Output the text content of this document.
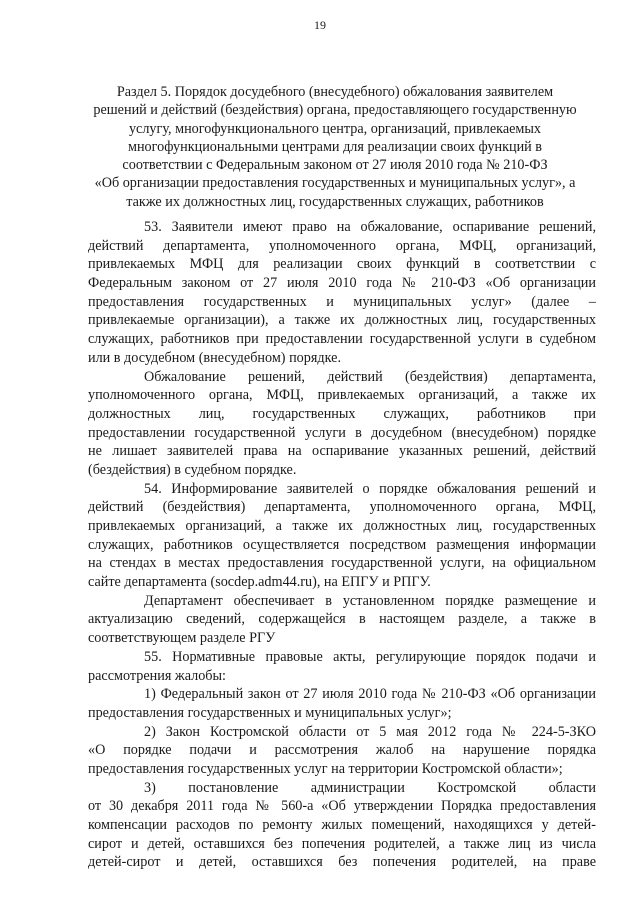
19
Раздел 5. Порядок досудебного (внесудебного) обжалования заявителем
решений и действий (бездействия) органа, предоставляющего государственную
услугу, многофункционального центра, организаций, привлекаемых
многофункциональными центрами для реализации своих функций в
соответствии с Федеральным законом от 27 июля 2010 года № 210-ФЗ
«Об организации предоставления государственных и муниципальных услуг», а
также их должностных лиц, государственных служащих, работников
53. Заявители имеют право на обжалование, оспаривание решений,
действий департамента, уполномоченного органа, МФЦ, организаций,
привлекаемых МФЦ для реализации своих функций в соответствии с
Федеральным законом от 27 июля 2010 года № 210-ФЗ «Об организации
предоставления государственных и муниципальных услуг» (далее –
привлекаемые организации), а также их должностных лиц, государственных
служащих, работников при предоставлении государственной услуги в судебном
или в досудебном (внесудебном) порядке.
Обжалование решений, действий (бездействия) департамента,
уполномоченного органа, МФЦ, привлекаемых организаций, а также их
должностных лиц, государственных служащих, работников при
предоставлении государственной услуги в досудебном (внесудебном) порядке
не лишает заявителей права на оспаривание указанных решений, действий
(бездействия) в судебном порядке.
54. Информирование заявителей о порядке обжалования решений и
действий (бездействия) департамента, уполномоченного органа, МФЦ,
привлекаемых организаций, а также их должностных лиц, государственных
служащих, работников осуществляется посредством размещения информации
на стендах в местах предоставления государственной услуги, на официальном
сайте департамента (socdep.adm44.ru), на ЕПГУ и РПГУ.
Департамент обеспечивает в установленном порядке размещение и
актуализацию сведений, содержащейся в настоящем разделе, а также в
соответствующем разделе РГУ
55. Нормативные правовые акты, регулирующие порядок подачи и
рассмотрения жалобы:
1) Федеральный закон от 27 июля 2010 года № 210-ФЗ «Об организации
предоставления государственных и муниципальных услуг»;
2) Закон Костромской области от 5 мая 2012 года № 224-5-ЗКО
«О порядке подачи и рассмотрения жалоб на нарушение порядка
предоставления государственных услуг на территории Костромской области»;
3) постановление администрации Костромской области
от 30 декабря 2011 года № 560-а «Об утверждении Порядка предоставления
компенсации расходов по ремонту жилых помещений, находящихся у детей-
сирот и детей, оставшихся без попечения родителей, а также лиц из числа
детей-сирот и детей, оставшихся без попечения родителей, на праве
